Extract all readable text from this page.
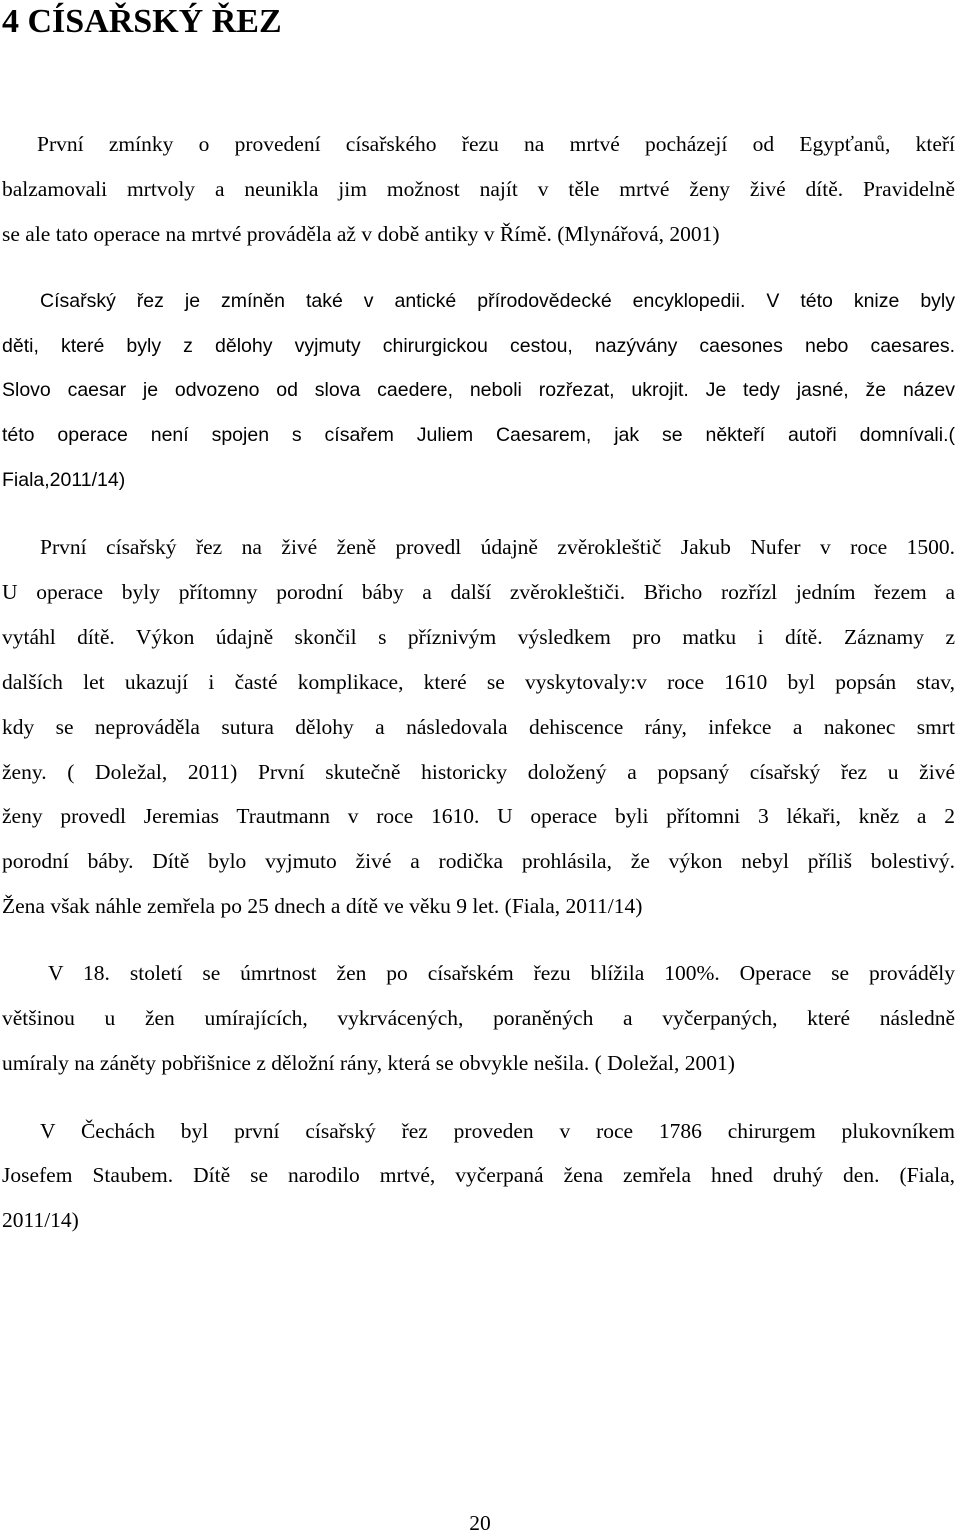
4 CÍSAŘSKÝ ŘEZ
První zmínky o provedení císařského řezu na mrtvé pocházejí od Egypťanů, kteří
balzamovali mrtvoly a neunikla jim možnost najít v těle mrtvé ženy živé dítě. Pravidelně
se ale tato operace na mrtvé prováděla až v době antiky v Římě. (Mlynářová, 2001)
Císařský řez je zmíněn také v antické přírodovědecké encyklopedii. V této knize byly
děti, které byly z dělohy vyjmuty chirurgickou cestou, nazývány caesones nebo caesares.
Slovo caesar je odvozeno od slova caedere, neboli rozřezat, ukrojit. Je tedy jasné, že název
této operace není spojen s císařem Juliem Caesarem, jak se někteří autoři domnívali.(
Fiala,2011/14)
První císařský řez na živé ženě provedl údajně zvěrokleštič Jakub Nufer v roce 1500.
U operace byly přítomny porodní báby a další zvěrokleštiči. Břicho rozřízl jedním řezem a
vytáhl dítě. Výkon údajně skončil s příznivým výsledkem pro matku i dítě. Záznamy z
dalších let ukazují i časté komplikace, které se vyskytovaly:v roce 1610 byl popsán stav,
kdy se neprováděla sutura dělohy a následovala dehiscence rány, infekce a nakonec smrt
ženy. ( Doležal, 2011) První skutečně historicky doložený a popsaný císařský řez u živé
ženy provedl Jeremias Trautmann v roce 1610. U operace byli přítomni 3 lékaři, kněz a 2
porodní báby. Dítě bylo vyjmuto živé a rodička prohlásila, že výkon nebyl příliš bolestivý.
Žena však náhle zemřela po 25 dnech a dítě ve věku 9 let. (Fiala, 2011/14)
V 18. století se úmrtnost žen po císařském řezu blížila 100%. Operace se prováděly
většinou u žen umírajících, vykrvácených, poraněných a vyčerpaných, které následně
umíraly na záněty pobřišnice z děložní rány, která se obvykle nešila. ( Doležal, 2001)
V Čechách byl první císařský řez proveden v roce 1786 chirurgem plukovníkem
Josefem Staubem. Dítě se narodilo mrtvé, vyčerpaná žena zemřela hned druhý den. (Fiala,
2011/14)
20
